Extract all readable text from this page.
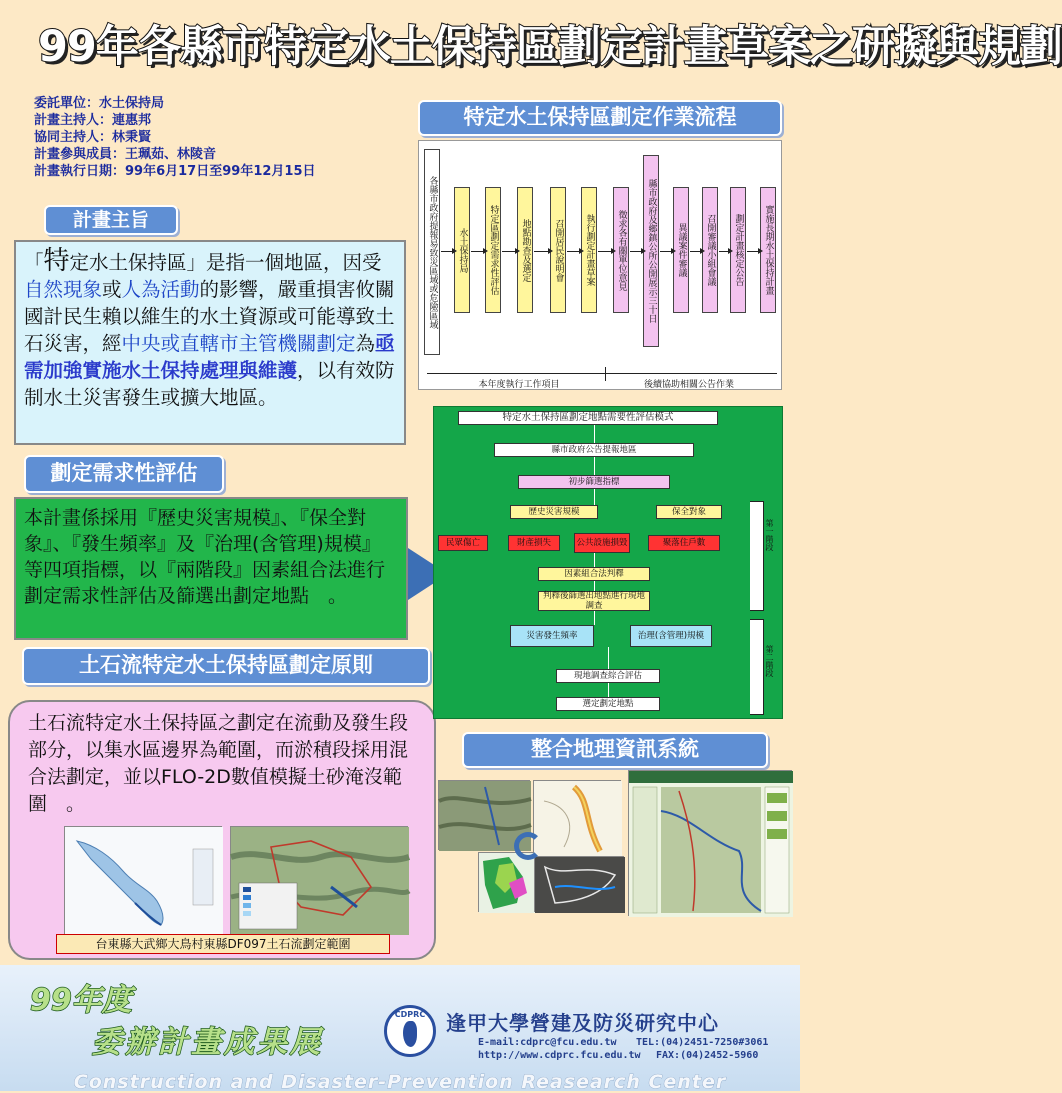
99年各縣市特定水土保持區劃定計畫草案之研擬與規劃
委託單位：水土保持局
計畫主持人：連惠邦
協同主持人：林秉賢
計畫參與成員：王珮茹、林陵音
計畫執行日期：99年6月17日至99年12月15日
計畫主旨
「特定水土保持區」是指一個地區，因受自然現象或人為活動的影響，嚴重損害攸關國計民生賴以維生的水土資源或可能導致土石災害，經中央或直轄市主管機關劃定為亟需加強實施水土保持處理與維護，以有效防制水土災害發生或擴大地區。
劃定需求性評估
本計畫係採用『歷史災害規模』、『保全對象』、『發生頻率』及『治理(含管理)規模』等四項指標，以『兩階段』因素組合法進行劃定需求性評估及篩選出劃定地點　。
土石流特定水土保持區劃定原則
土石流特定水土保持區之劃定在流動及發生段部分，以集水區邊界為範圍，而淤積段採用混合法劃定，並以FLO-2D數值模擬土砂淹沒範圍　。
台東縣大武鄉大鳥村東縣DF097土石流劃定範圍
特定水土保持區劃定作業流程
各縣市政府提報易致災區域或危險區域	水土保持局	特定區劃定需求性評估	地點勘查及選定	召開居民說明會	執行劃定計畫草案	徵求各有關單位意見	縣市政府及鄉鎮公所公開展示三十日	異議案件審議	召開審議小組會議	劃定計畫核定公告	實施長期水土保持計畫
本年度執行工作項目	後續協助相關公告作業
特定水土保持區劃定地點需要性評估模式
縣市政府公告提報地區
初步篩選指標
歷史災害規模	保全對象
民眾傷亡	財產損失	公共設施損毀	聚落住戶數
因素組合法判釋
判釋後篩選出地點進行現地調查
災害發生頻率	治理(含管理)規模
現地調查綜合評估
選定劃定地點
第一階段
第二階段
整合地理資訊系統
99年度
委辦計畫成果展
CDPRC	逢甲大學營建及防災研究中心
E-mail:cdprc@fcu.edu.tw TEL:(04)2451-7250#3061
http://www.cdprc.fcu.edu.tw FAX:(04)2452-5960
Construction and Disaster-Prevention Reasearch Center
